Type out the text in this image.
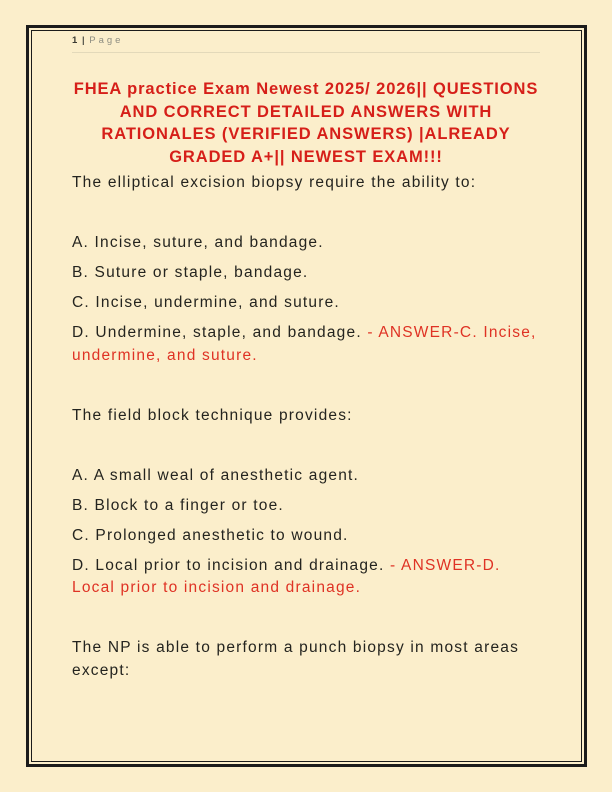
1 | Page
FHEA practice Exam Newest 2025/ 2026|| QUESTIONS
AND CORRECT DETAILED ANSWERS WITH
RATIONALES (VERIFIED ANSWERS) |ALREADY
GRADED A+|| NEWEST EXAM!!!

The elliptical excision biopsy require the ability to:

A. Incise, suture, and bandage.

B. Suture or staple, bandage.

C. Incise, undermine, and suture.

D. Undermine, staple, and bandage. - ANSWER-C. Incise, undermine, and suture.

The field block technique provides:

A. A small weal of anesthetic agent.

B. Block to a finger or toe.

C. Prolonged anesthetic to wound.

D. Local prior to incision and drainage. - ANSWER-D. Local prior to incision and drainage.

The NP is able to perform a punch biopsy in most areas except:
